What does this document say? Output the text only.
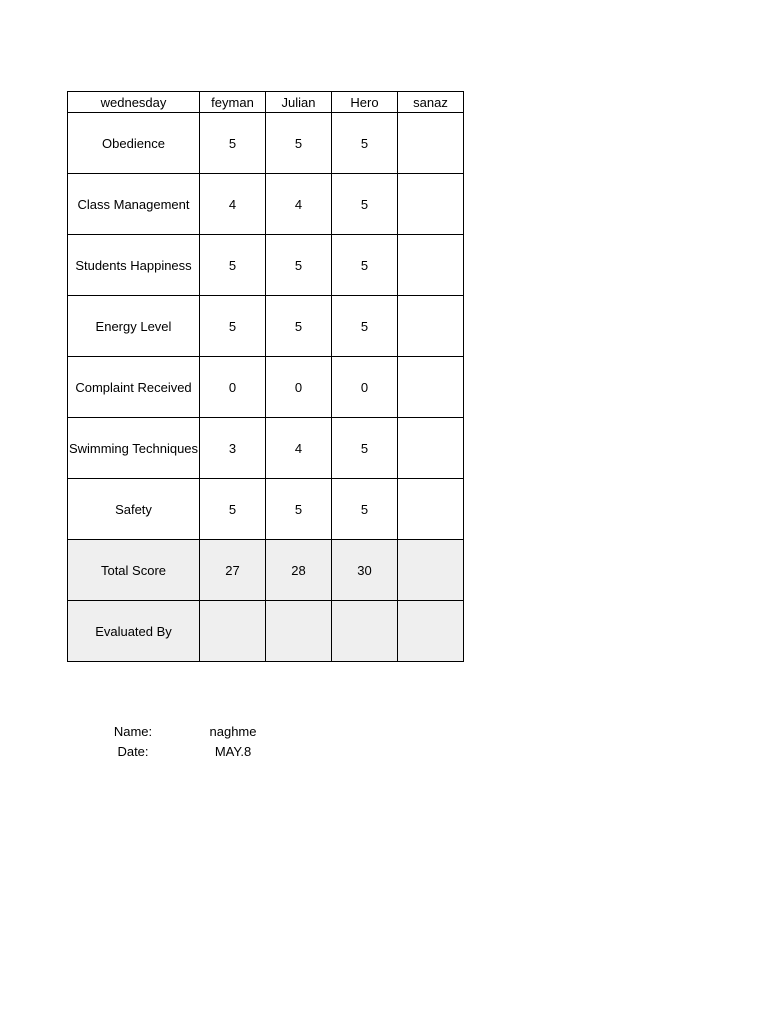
wednesday	feyman	Julian	Hero	sanaz
Obedience	5	5	5	
Class Management	4	4	5	
Students Happiness	5	5	5	
Energy Level	5	5	5	
Complaint Received	0	0	0	
Swimming Techniques	3	4	5	
Safety	5	5	5	
Total Score	27	28	30	
Evaluated By				
Name:	naghme
Date:	MAY.8
